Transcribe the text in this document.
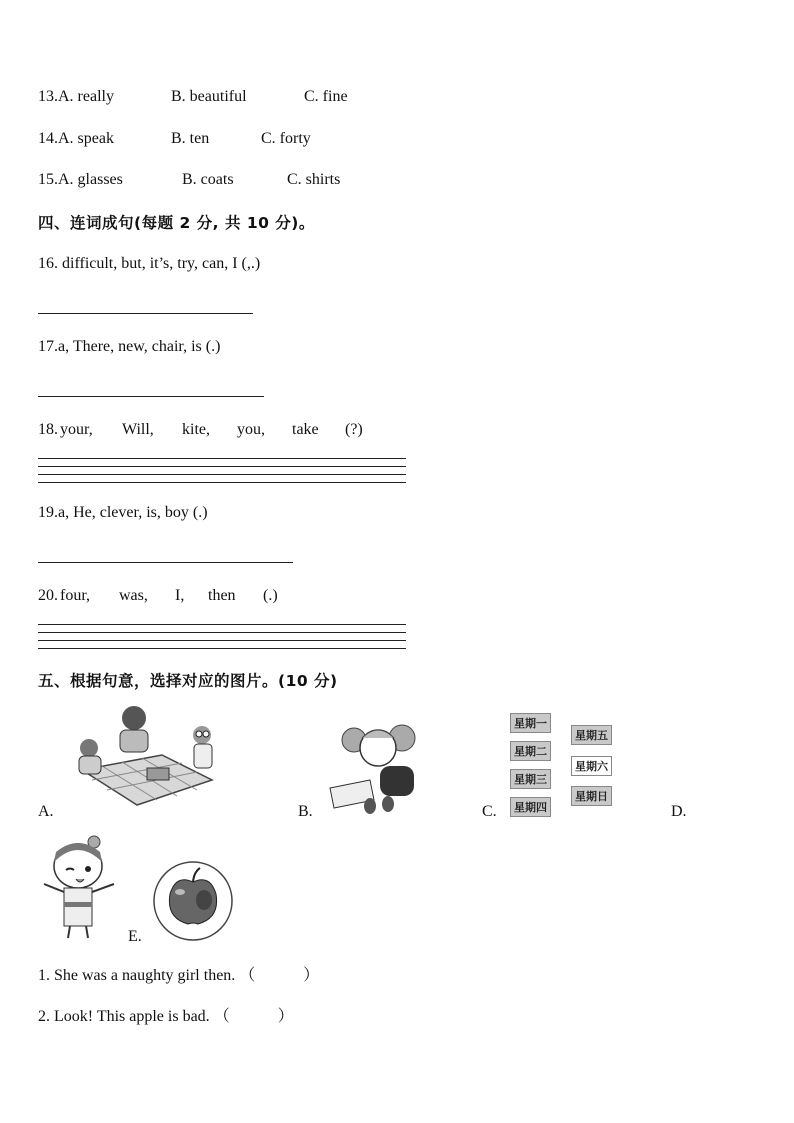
13.A. really	B. beautiful	C. fine
14.A. speak	B. ten	C. forty
15.A. glasses	B. coats	C. shirts
四、连词成句(每题 2 分, 共 10 分)。
16. difficult, but, it’s, try, can, I (,.)
17.a, There, new, chair, is (.)
18. your, Will, kite, you, take (?)
19.a, He, clever, is, boy (.)
20. four, was, I, then (.)
五、根据句意，选择对应的图片。(10 分)
A.	B.
星期一
星期二
星期三
星期四
星期五
星期六
星期日
C.	D.
E.
1. She was a naughty girl then. （　　　）
2. Look! This apple is bad. （　　　）
